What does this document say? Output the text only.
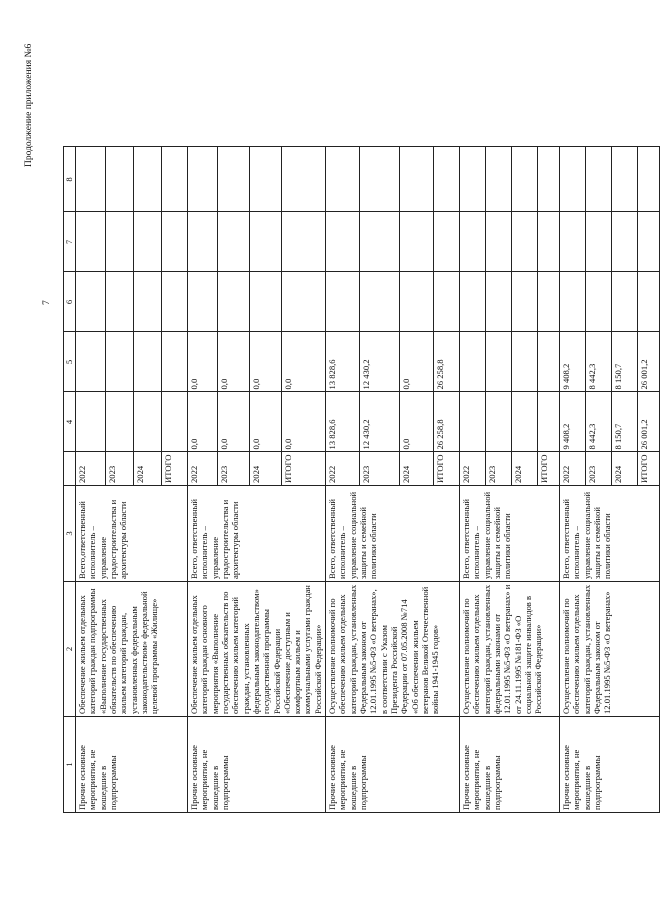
7
Продолжение приложения №6
1	2	3		4	5	6	7	8
Прочие основные мероприятия, не вошедшие в подпрограммы	Обеспечение жильем отдельных категорий граждан подпрограммы «Выполнение государственных обязательств по обеспечению жильем категорий граждан, установленных федеральным законодательством» федеральной целевой программы «Жилище»	Всего,ответственный исполнитель – управление градостроительства и архитектуры области	2022					
			2023					
			2024					
			ИТОГО					
Прочие основные мероприятия, не вошедшие в подпрограммы	Обеспечение жильем отдельных категорий граждан основного мероприятия «Выполнение государственных обязательств по обеспечению жильем категорий граждан, установленных федеральным законодательством» государственной программы Российской Федерации «Обеспечение доступным и комфортным жильем и коммунальными услугами граждан Российской Федерации»	Всего, ответственный исполнитель – управление градостроительства и архитектуры области	2022	0,0	0,0			
			2023	0,0	0,0			
			2024	0,0	0,0			
			ИТОГО	0,0	0,0			
Прочие основные мероприятия, не вошедшие в подпрограммы	Осуществление полномочий по обеспечению жильем отдельных категорий граждан, установленных Федеральным законом от 12.01.1995 №5-ФЗ «О ветеранах», в соответствии с Указом Президента Российской Федерации от 07.05.2008 №714 «Об обеспечении жильем ветеранов Великой Отечественной войны 1941-1945 годов»	Всего, ответственный исполнитель – управление социальной защиты и семейной политики области	2022	13 828,6	13 828,6			
			2023	12 430,2	12 430,2			
			2024	0,0	0,0			
			ИТОГО	26 258,8	26 258,8			
Прочие основные мероприятия, не вошедшие в подпрограммы	Осуществление полномочий по обеспечению жильем отдельных категорий граждан, установленных федеральными законами от 12.01.1995 №5-ФЗ «О ветеранах» и от 24.11.1995 №181-ФЗ «О социальной защите инвалидов в Российской Федерации»	Всего, ответственный исполнитель – управление социальной защиты и семейной политики области	2022					
			2023					
			2024					
			ИТОГО					
Прочие основные мероприятия, не вошедшие в подпрограммы	Осуществление полномочий по обеспечению жильем отдельных категорий граждан, установленных Федеральным законом от 12.01.1995 №5-ФЗ «О ветеранах»	Всего, ответственный исполнитель – управление социальной защиты и семейной политики области	2022	9 408,2	9 408,2			
			2023	8 442,3	8 442,3			
			2024	8 150,7	8 150,7			
			ИТОГО	26 001,2	26 001,2			
